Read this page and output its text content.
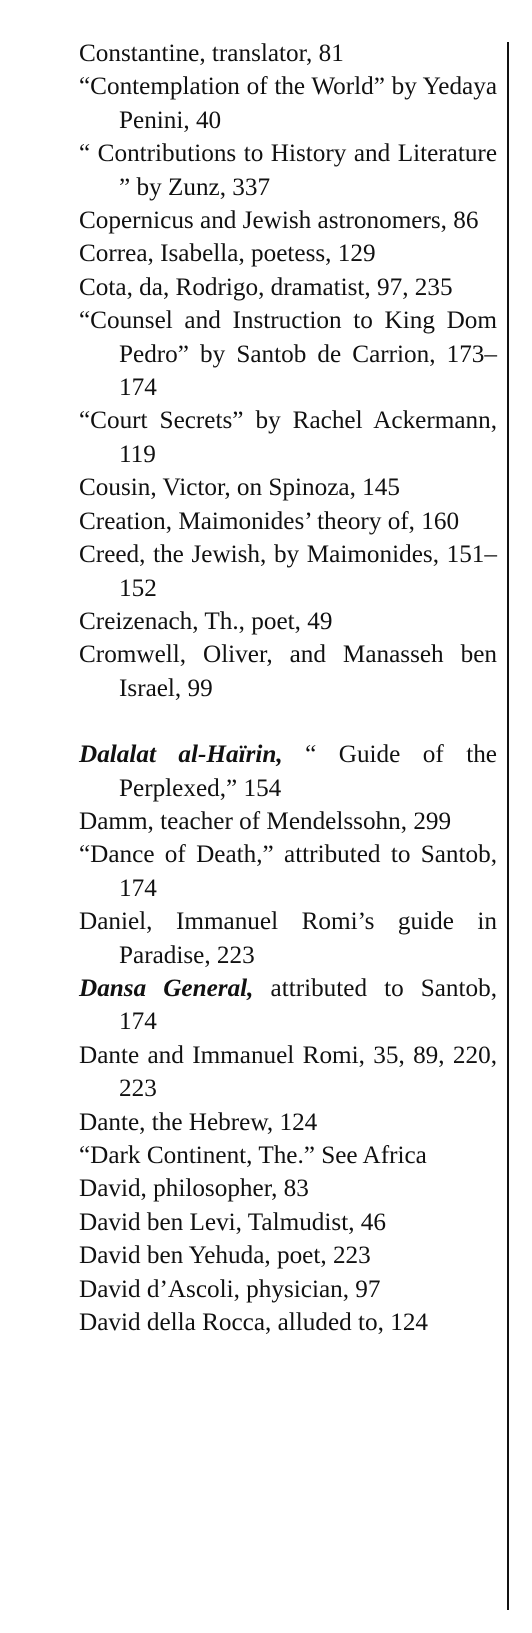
Constantine, translator, 81

“Contemplation of the World” by Yedaya Penini, 40

“ Contributions to History and Literature ” by Zunz, 337

Copernicus and Jewish astronomers, 86

Correa, Isabella, poetess, 129

Cota, da, Rodrigo, dramatist, 97, 235

“Counsel and Instruction to King Dom Pedro” by Santob de Carrion, 173–174

“Court Secrets” by Rachel Ackermann, 119

Cousin, Victor, on Spinoza, 145

Creation, Maimonides’ theory of, 160

Creed, the Jewish, by Maimonides, 151–152

Creizenach, Th., poet, 49

Cromwell, Oliver, and Manasseh ben Israel, 99

Dalalat al-Haïrin, “ Guide of the Perplexed,” 154

Damm, teacher of Mendelssohn, 299

“Dance of Death,” attributed to Santob, 174

Daniel, Immanuel Romi’s guide in Paradise, 223

Dansa General, attributed to Santob, 174

Dante and Immanuel Romi, 35, 89, 220, 223

Dante, the Hebrew, 124

“Dark Continent, The.” See Africa

David, philosopher, 83

David ben Levi, Talmudist, 46

David ben Yehuda, poet, 223

David d’Ascoli, physician, 97

David della Rocca, alluded to, 124
